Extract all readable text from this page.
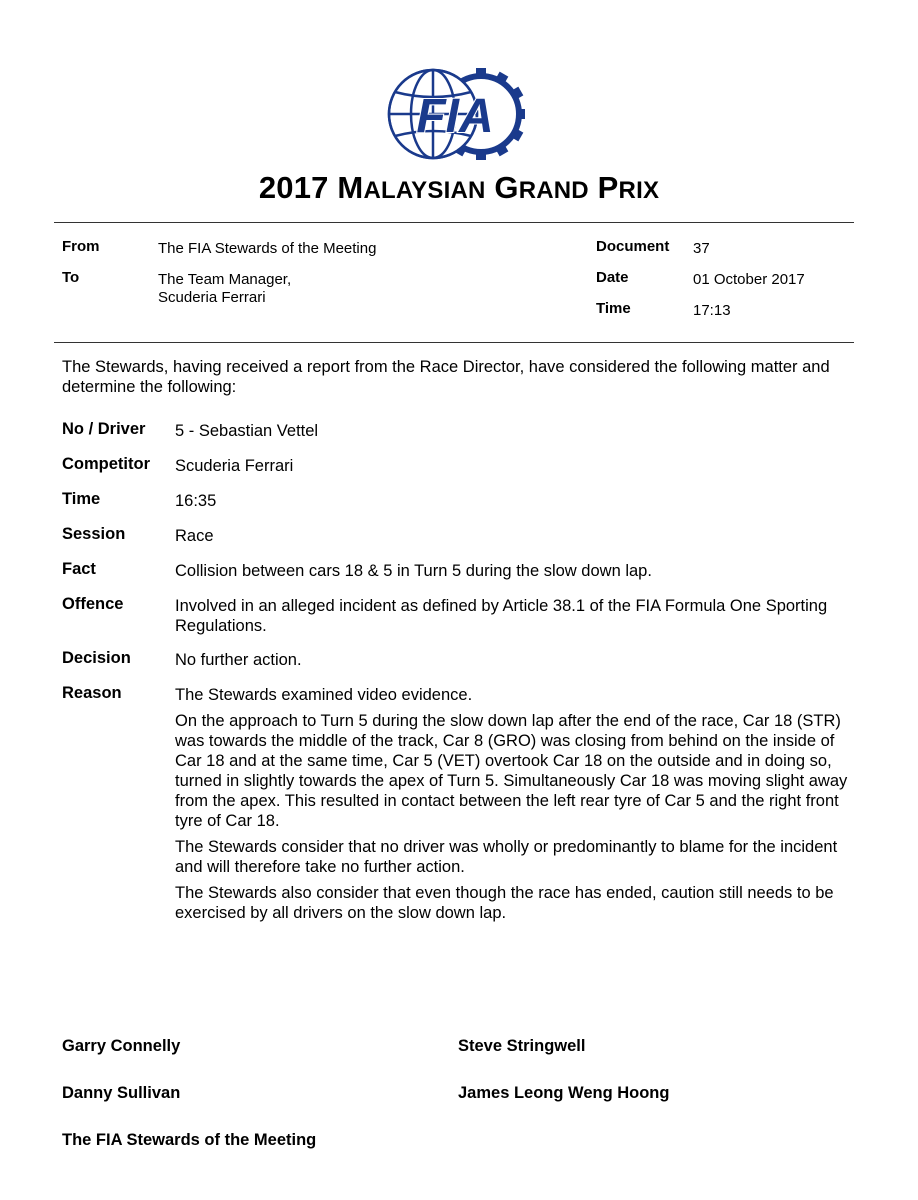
FIA
2017 MALAYSIAN GRAND PRIX
From	The FIA Stewards of the Meeting
To	The Team Manager,
Scuderia Ferrari
Document 37
Date	01 October 2017
Time	17:13
The Stewards, having received a report from the Race Director, have considered the following matter and determine the following:
No / Driver 5 - Sebastian Vettel
Competitor Scuderia Ferrari
Time	16:35
Session	Race
Fact	Collision between cars 18 & 5 in Turn 5 during the slow down lap.
Offence	Involved in an alleged incident as defined by Article 38.1 of the FIA Formula One Sporting Regulations.
Decision	No further action.
Reason	The Stewards examined video evidence.

On the approach to Turn 5 during the slow down lap after the end of the race, Car 18 (STR) was towards the middle of the track, Car 8 (GRO) was closing from behind on the inside of Car 18 and at the same time, Car 5 (VET) overtook Car 18 on the outside and in doing so, turned in slightly towards the apex of Turn 5. Simultaneously Car 18 was moving slight away from the apex. This resulted in contact between the left rear tyre of Car 5 and the right front tyre of Car 18.

The Stewards consider that no driver was wholly or predominantly to blame for the incident and will therefore take no further action.

The Stewards also consider that even though the race has ended, caution still needs to be exercised by all drivers on the slow down lap.

Garry Connelly	Steve Stringwell
Danny Sullivan	James Leong Weng Hoong
The FIA Stewards of the Meeting
